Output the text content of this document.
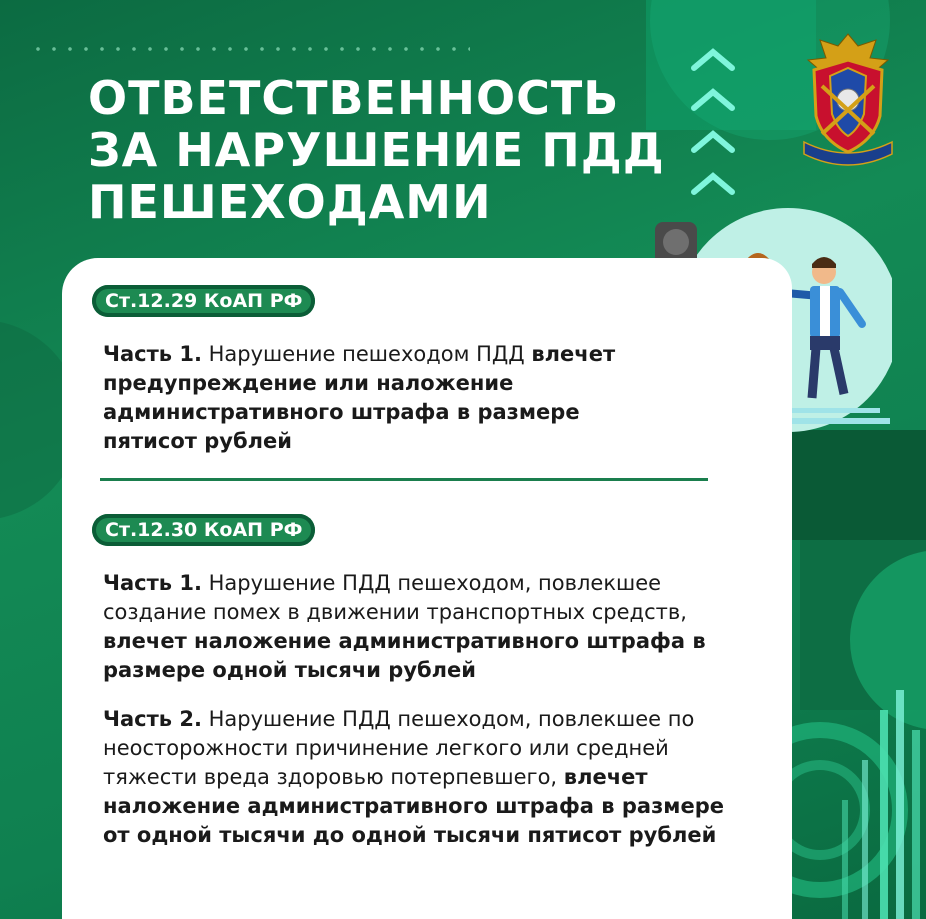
ОТВЕТСТВЕННОСТЬ
ЗА НАРУШЕНИЕ ПДД
ПЕШЕХОДАМИ
Ст.12.29 КоАП РФ

Часть 1. Нарушение пешеходом ПДД влечет предупреждение или наложение административного штрафа в размере пятисот рублей

Ст.12.30 КоАП РФ

Часть 1. Нарушение ПДД пешеходом, повлекшее создание помех в движении транспортных средств, влечет наложение административного штрафа в размере одной тысячи рублей

Часть 2. Нарушение ПДД пешеходом, повлекшее по неосторожности причинение легкого или средней тяжести вреда здоровью потерпевшего, влечет наложение административного штрафа в размере от одной тысячи до одной тысячи пятисот рублей
